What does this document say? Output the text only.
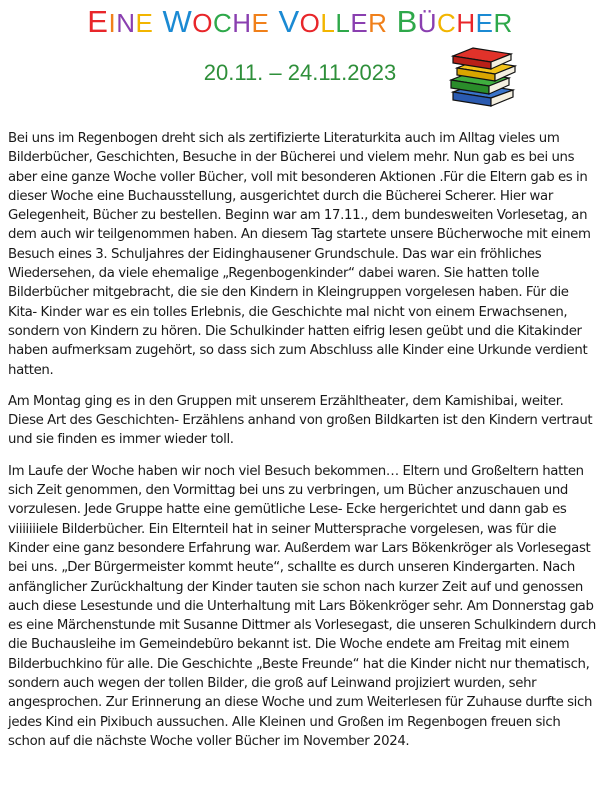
EINE WOCHE VOLLER BÜCHER
20.11. – 24.11.2023

Bei uns im Regenbogen dreht sich als zertifizierte Literaturkita auch im Alltag vieles um Bilderbücher, Geschichten, Besuche in der Bücherei und vielem mehr. Nun gab es bei uns aber eine ganze Woche voller Bücher, voll mit besonderen Aktionen .Für die Eltern gab es in dieser Woche eine Buchausstellung, ausgerichtet durch die Bücherei Scherer. Hier war Gelegenheit, Bücher zu bestellen. Beginn war am 17.11., dem bundesweiten Vorlesetag, an dem auch wir teilgenommen haben. An diesem Tag startete unsere Bücherwoche mit einem Besuch eines 3. Schuljahres der Eidinghausener Grundschule. Das war ein fröhliches Wiedersehen, da viele ehemalige „Regenbogenkinder“ dabei waren. Sie hatten tolle Bilderbücher mitgebracht, die sie den Kindern in Kleingruppen vorgelesen haben. Für die Kita- Kinder war es ein tolles Erlebnis, die Geschichte mal nicht von einem Erwachsenen, sondern von Kindern zu hören. Die Schulkinder hatten eifrig lesen geübt und die Kitakinder haben aufmerksam zugehört, so dass sich zum Abschluss alle Kinder eine Urkunde verdient hatten.

Am Montag ging es in den Gruppen mit unserem Erzähltheater, dem Kamishibai, weiter. Diese Art des Geschichten- Erzählens anhand von großen Bildkarten ist den Kindern vertraut und sie finden es immer wieder toll.

Im Laufe der Woche haben wir noch viel Besuch bekommen… Eltern und Großeltern hatten sich Zeit genommen, den Vormittag bei uns zu verbringen, um Bücher anzuschauen und vorzulesen. Jede Gruppe hatte eine gemütliche Lese- Ecke hergerichtet und dann gab es viiiiiiiele Bilderbücher. Ein Elternteil hat in seiner Muttersprache vorgelesen, was für die Kinder eine ganz besondere Erfahrung war. Außerdem war Lars Bökenkröger als Vorlesegast bei uns. „Der Bürgermeister kommt heute“, schallte es durch unseren Kindergarten. Nach anfänglicher Zurückhaltung der Kinder tauten sie schon nach kurzer Zeit auf und genossen auch diese Lesestunde und die Unterhaltung mit Lars Bökenkröger sehr. Am Donnerstag gab es eine Märchenstunde mit Susanne Dittmer als Vorlesegast, die unseren Schulkindern durch die Buchausleihe im Gemeindebüro bekannt ist. Die Woche endete am Freitag mit einem Bilderbuchkino für alle. Die Geschichte „Beste Freunde“ hat die Kinder nicht nur thematisch, sondern auch wegen der tollen Bilder, die groß auf Leinwand projiziert wurden, sehr angesprochen. Zur Erinnerung an diese Woche und zum Weiterlesen für Zuhause durfte sich jedes Kind ein Pixibuch aussuchen. Alle Kleinen und Großen im Regenbogen freuen sich schon auf die nächste Woche voller Bücher im November 2024.
